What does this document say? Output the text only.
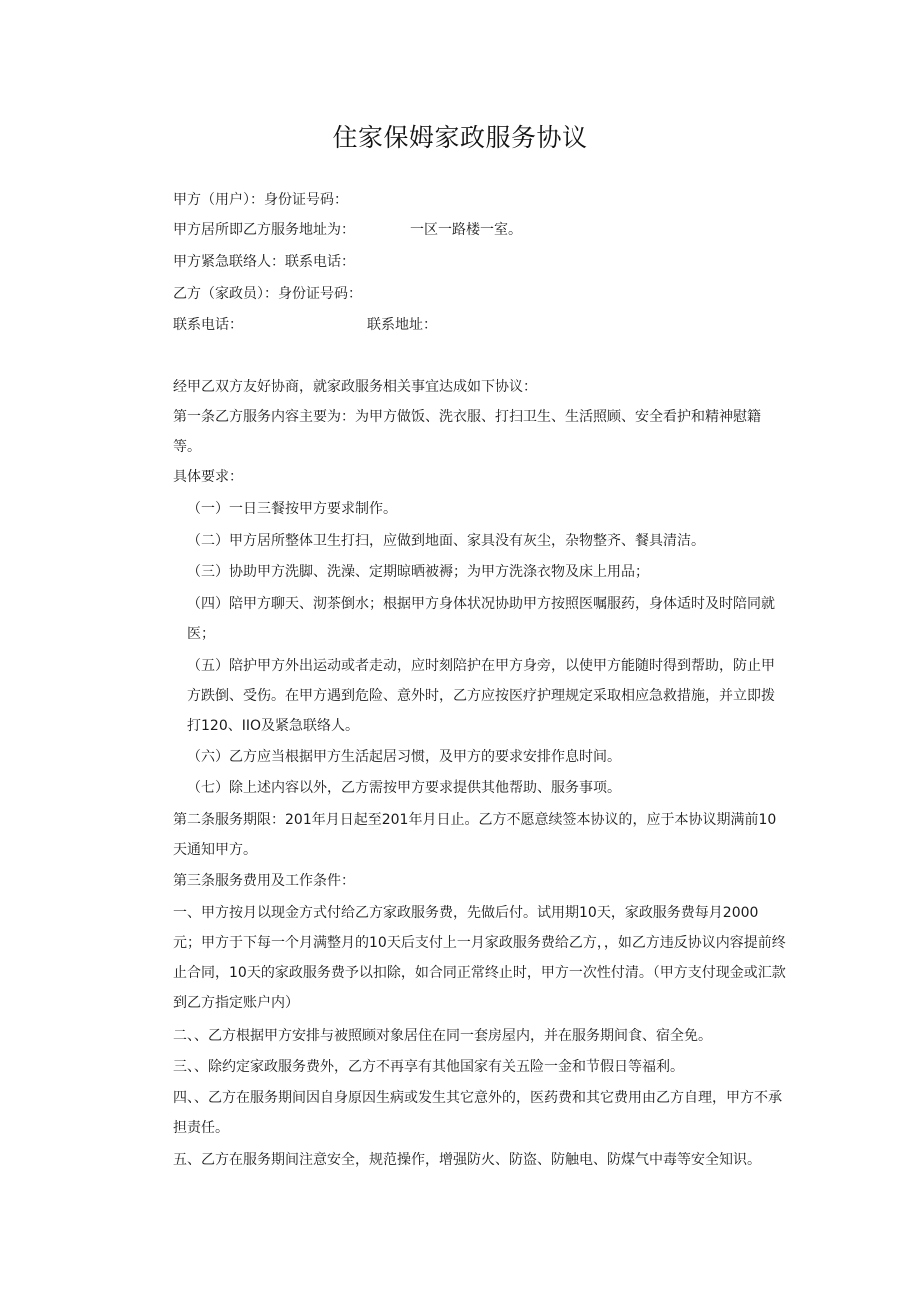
住家保姆家政服务协议
甲方（用户）：身份证号码：
甲方居所即乙方服务地址为：	一区一路楼一室。
甲方紧急联络人：联系电话：
乙方（家政员）：身份证号码：
联系电话：	联系地址：
经甲乙双方友好协商，就家政服务相关事宜达成如下协议：
第一条乙方服务内容主要为：为甲方做饭、洗衣服、打扫卫生、生活照顾、安全看护和精神慰籍等。
具体要求：
（一）一日三餐按甲方要求制作。
（二）甲方居所整体卫生打扫，应做到地面、家具没有灰尘，杂物整齐、餐具清洁。
（三）协助甲方洗脚、洗澡、定期晾晒被褥；为甲方洗涤衣物及床上用品；
（四）陪甲方聊天、沏茶倒水；根据甲方身体状况协助甲方按照医嘱服药，身体适时及时陪同就医；
（五）陪护甲方外出运动或者走动，应时刻陪护在甲方身旁，以使甲方能随时得到帮助，防止甲方跌倒、受伤。在甲方遇到危险、意外时，乙方应按医疗护理规定采取相应急救措施，并立即拨打120、IIO及紧急联络人。
（六）乙方应当根据甲方生活起居习惯，及甲方的要求安排作息时间。
（七）除上述内容以外，乙方需按甲方要求提供其他帮助、服务事项。
第二条服务期限：201年月日起至201年月日止。乙方不愿意续签本协议的，应于本协议期满前10天通知甲方。
第三条服务费用及工作条件：
一、甲方按月以现金方式付给乙方家政服务费，先做后付。试用期10天，家政服务费每月2000元；甲方于下每一个月满整月的10天后支付上一月家政服务费给乙方，，如乙方违反协议内容提前终止合同，10天的家政服务费予以扣除，如合同正常终止时，甲方一次性付清。（甲方支付现金或汇款到乙方指定账户内）
二、、乙方根据甲方安排与被照顾对象居住在同一套房屋内，并在服务期间食、宿全免。
三、、除约定家政服务费外，乙方不再享有其他国家有关五险一金和节假日等福利。
四、、乙方在服务期间因自身原因生病或发生其它意外的，医药费和其它费用由乙方自理，甲方不承担责任。
五、乙方在服务期间注意安全，规范操作，增强防火、防盗、防触电、防煤气中毒等安全知识。
